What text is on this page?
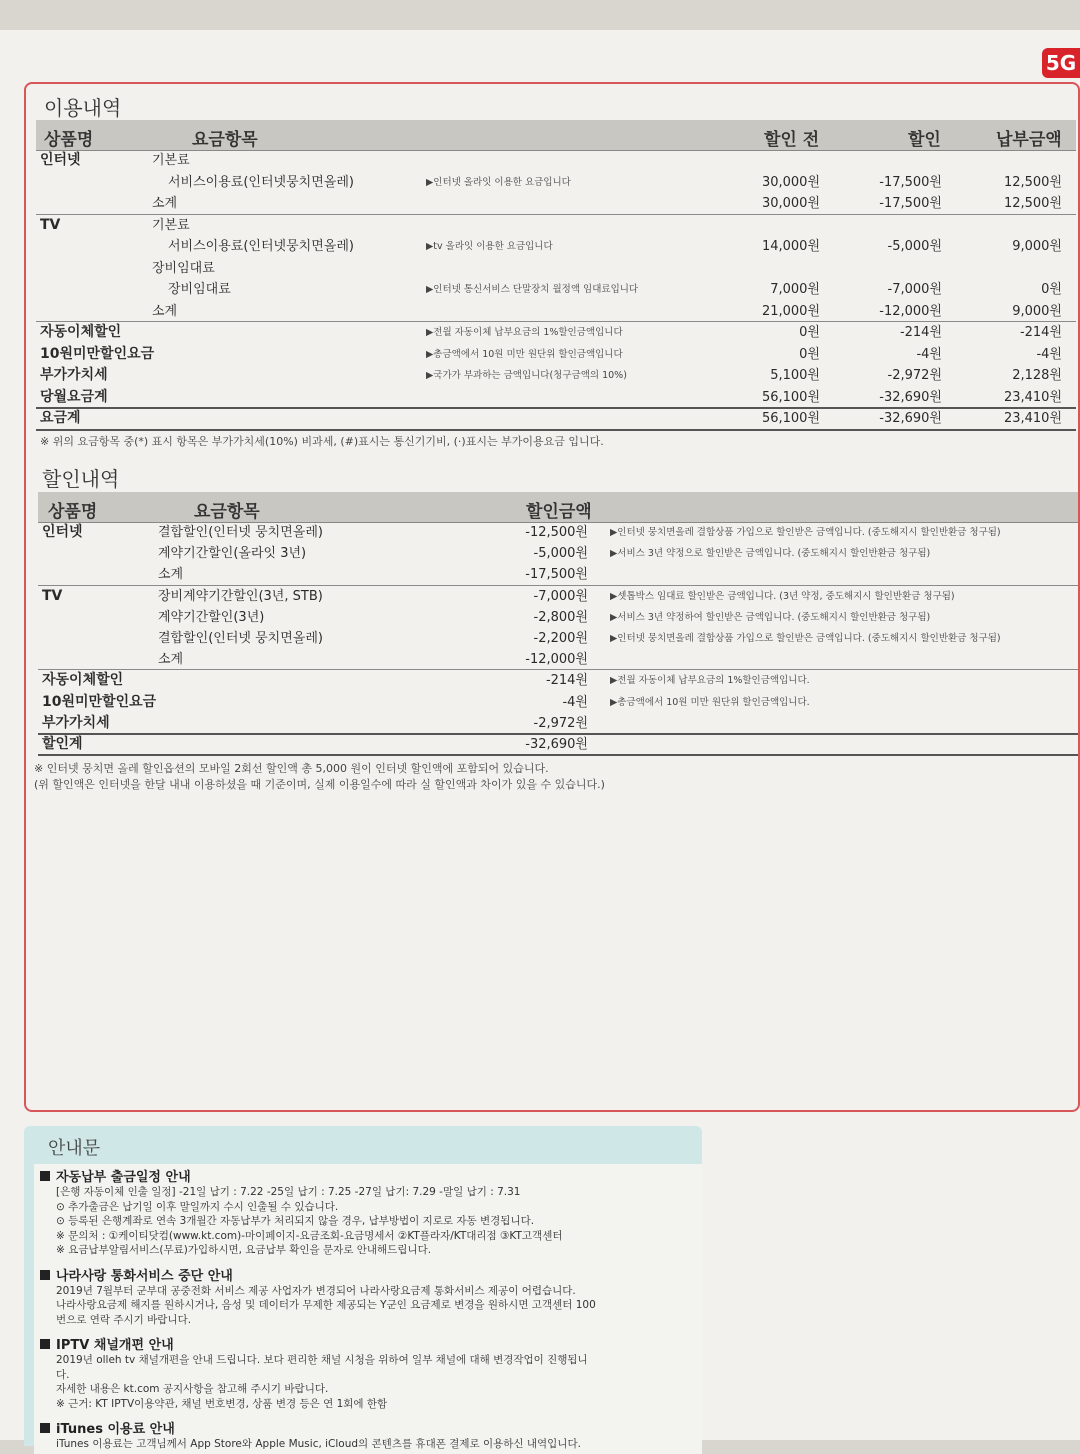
5G
이용내역
상품명	요금항목	할인 전	할인	납부금액
인터넷	기본료
서비스이용료(인터넷뭉치면올레)	▶인터넷 올라잇 이용한 요금입니다	30,000원	-17,500원	12,500원
소계	30,000원	-17,500원	12,500원
TV	기본료
서비스이용료(인터넷뭉치면올레)	▶tv 올라잇 이용한 요금입니다	14,000원	-5,000원	9,000원
장비임대료
장비임대료	▶인터넷 통신서비스 단말장치 월정액 임대료입니다	7,000원	-7,000원	0원
소계	21,000원	-12,000원	9,000원
자동이체할인	▶전월 자동이체 납부요금의 1%할인금액입니다	0원	-214원	-214원
10원미만할인요금	▶총금액에서 10원 미만 원단위 할인금액입니다	0원	-4원	-4원
부가가치세	▶국가가 부과하는 금액입니다(청구금액의 10%)	5,100원	-2,972원	2,128원
당월요금계	56,100원	-32,690원	23,410원
요금계	56,100원	-32,690원	23,410원
※ 위의 요금항목 중(*) 표시 항목은 부가가치세(10%) 비과세, (#)표시는 통신기기비, (·)표시는 부가이용요금 입니다.
할인내역
상품명	요금항목	할인금액
인터넷	결합할인(인터넷 뭉치면올레)	-12,500원 ▶인터넷 뭉치면올레 결합상품 가입으로 할인받은 금액입니다. (중도해지시 할인반환금 청구됨)
계약기간할인(올라잇 3년)	-5,000원 ▶서비스 3년 약정으로 할인받은 금액입니다. (중도해지시 할인반환금 청구됨)
소계	-17,500원
TV	장비계약기간할인(3년, STB)	-7,000원 ▶셋톱박스 임대료 할인받은 금액입니다. (3년 약정, 중도해지시 할인반환금 청구됨)
계약기간할인(3년)	-2,800원 ▶서비스 3년 약정하여 할인받은 금액입니다. (중도해지시 할인반환금 청구됨)
결합할인(인터넷 뭉치면올레)	-2,200원 ▶인터넷 뭉치면올레 결합상품 가입으로 할인받은 금액입니다. (중도해지시 할인반환금 청구됨)
소계	-12,000원
자동이체할인	-214원 ▶전월 자동이체 납부요금의 1%할인금액입니다.
10원미만할인요금	-4원 ▶총금액에서 10원 미만 원단위 할인금액입니다.
부가가치세	-2,972원
할인계	-32,690원
※ 인터넷 뭉치면 올레 할인옵션의 모바일 2회선 할인액 총 5,000 원이 인터넷 할인액에 포함되어 있습니다.
(위 할인액은 인터넷을 한달 내내 이용하셨을 때 기준이며, 실제 이용일수에 따라 실 할인액과 차이가 있을 수 있습니다.)
안내문
자동납부 출금일정 안내
[은행 자동이체 인출 일정] -21일 납기 : 7.22 -25일 납기 : 7.25 -27일 납기: 7.29 -말일 납기 : 7.31
⊙ 추가출금은 납기일 이후 말일까지 수시 인출될 수 있습니다.
⊙ 등록된 은행계좌로 연속 3개월간 자동납부가 처리되지 않을 경우, 납부방법이 지로로 자동 변경됩니다.
※ 문의처 : ①케이티닷컴(www.kt.com)-마이페이지-요금조회-요금명세서 ②KT플라자/KT대리점 ③KT고객센터
※ 요금납부알림서비스(무료)가입하시면, 요금납부 확인을 문자로 안내해드립니다.
나라사랑 통화서비스 중단 안내
2019년 7월부터 군부대 공중전화 서비스 제공 사업자가 변경되어 나라사랑요금제 통화서비스 제공이 어렵습니다.
나라사랑요금제 해지를 원하시거나, 음성 및 데이터가 무제한 제공되는 Y군인 요금제로 변경을 원하시면 고객센터 100
번으로 연락 주시기 바랍니다.
IPTV 채널개편 안내
2019년 olleh tv 채널개편을 안내 드립니다. 보다 편리한 채널 시청을 위하여 일부 채널에 대해 변경작업이 진행됩니
다.
자세한 내용은 kt.com 공지사항을 참고해 주시기 바랍니다.
※ 근거: KT IPTV이용약관, 채널 번호변경, 상품 변경 등은 연 1회에 한함
iTunes 이용료 안내
iTunes 이용료는 고객님께서 App Store와 Apple Music, iCloud의 콘텐츠를 휴대폰 결제로 이용하신 내역입니다.
